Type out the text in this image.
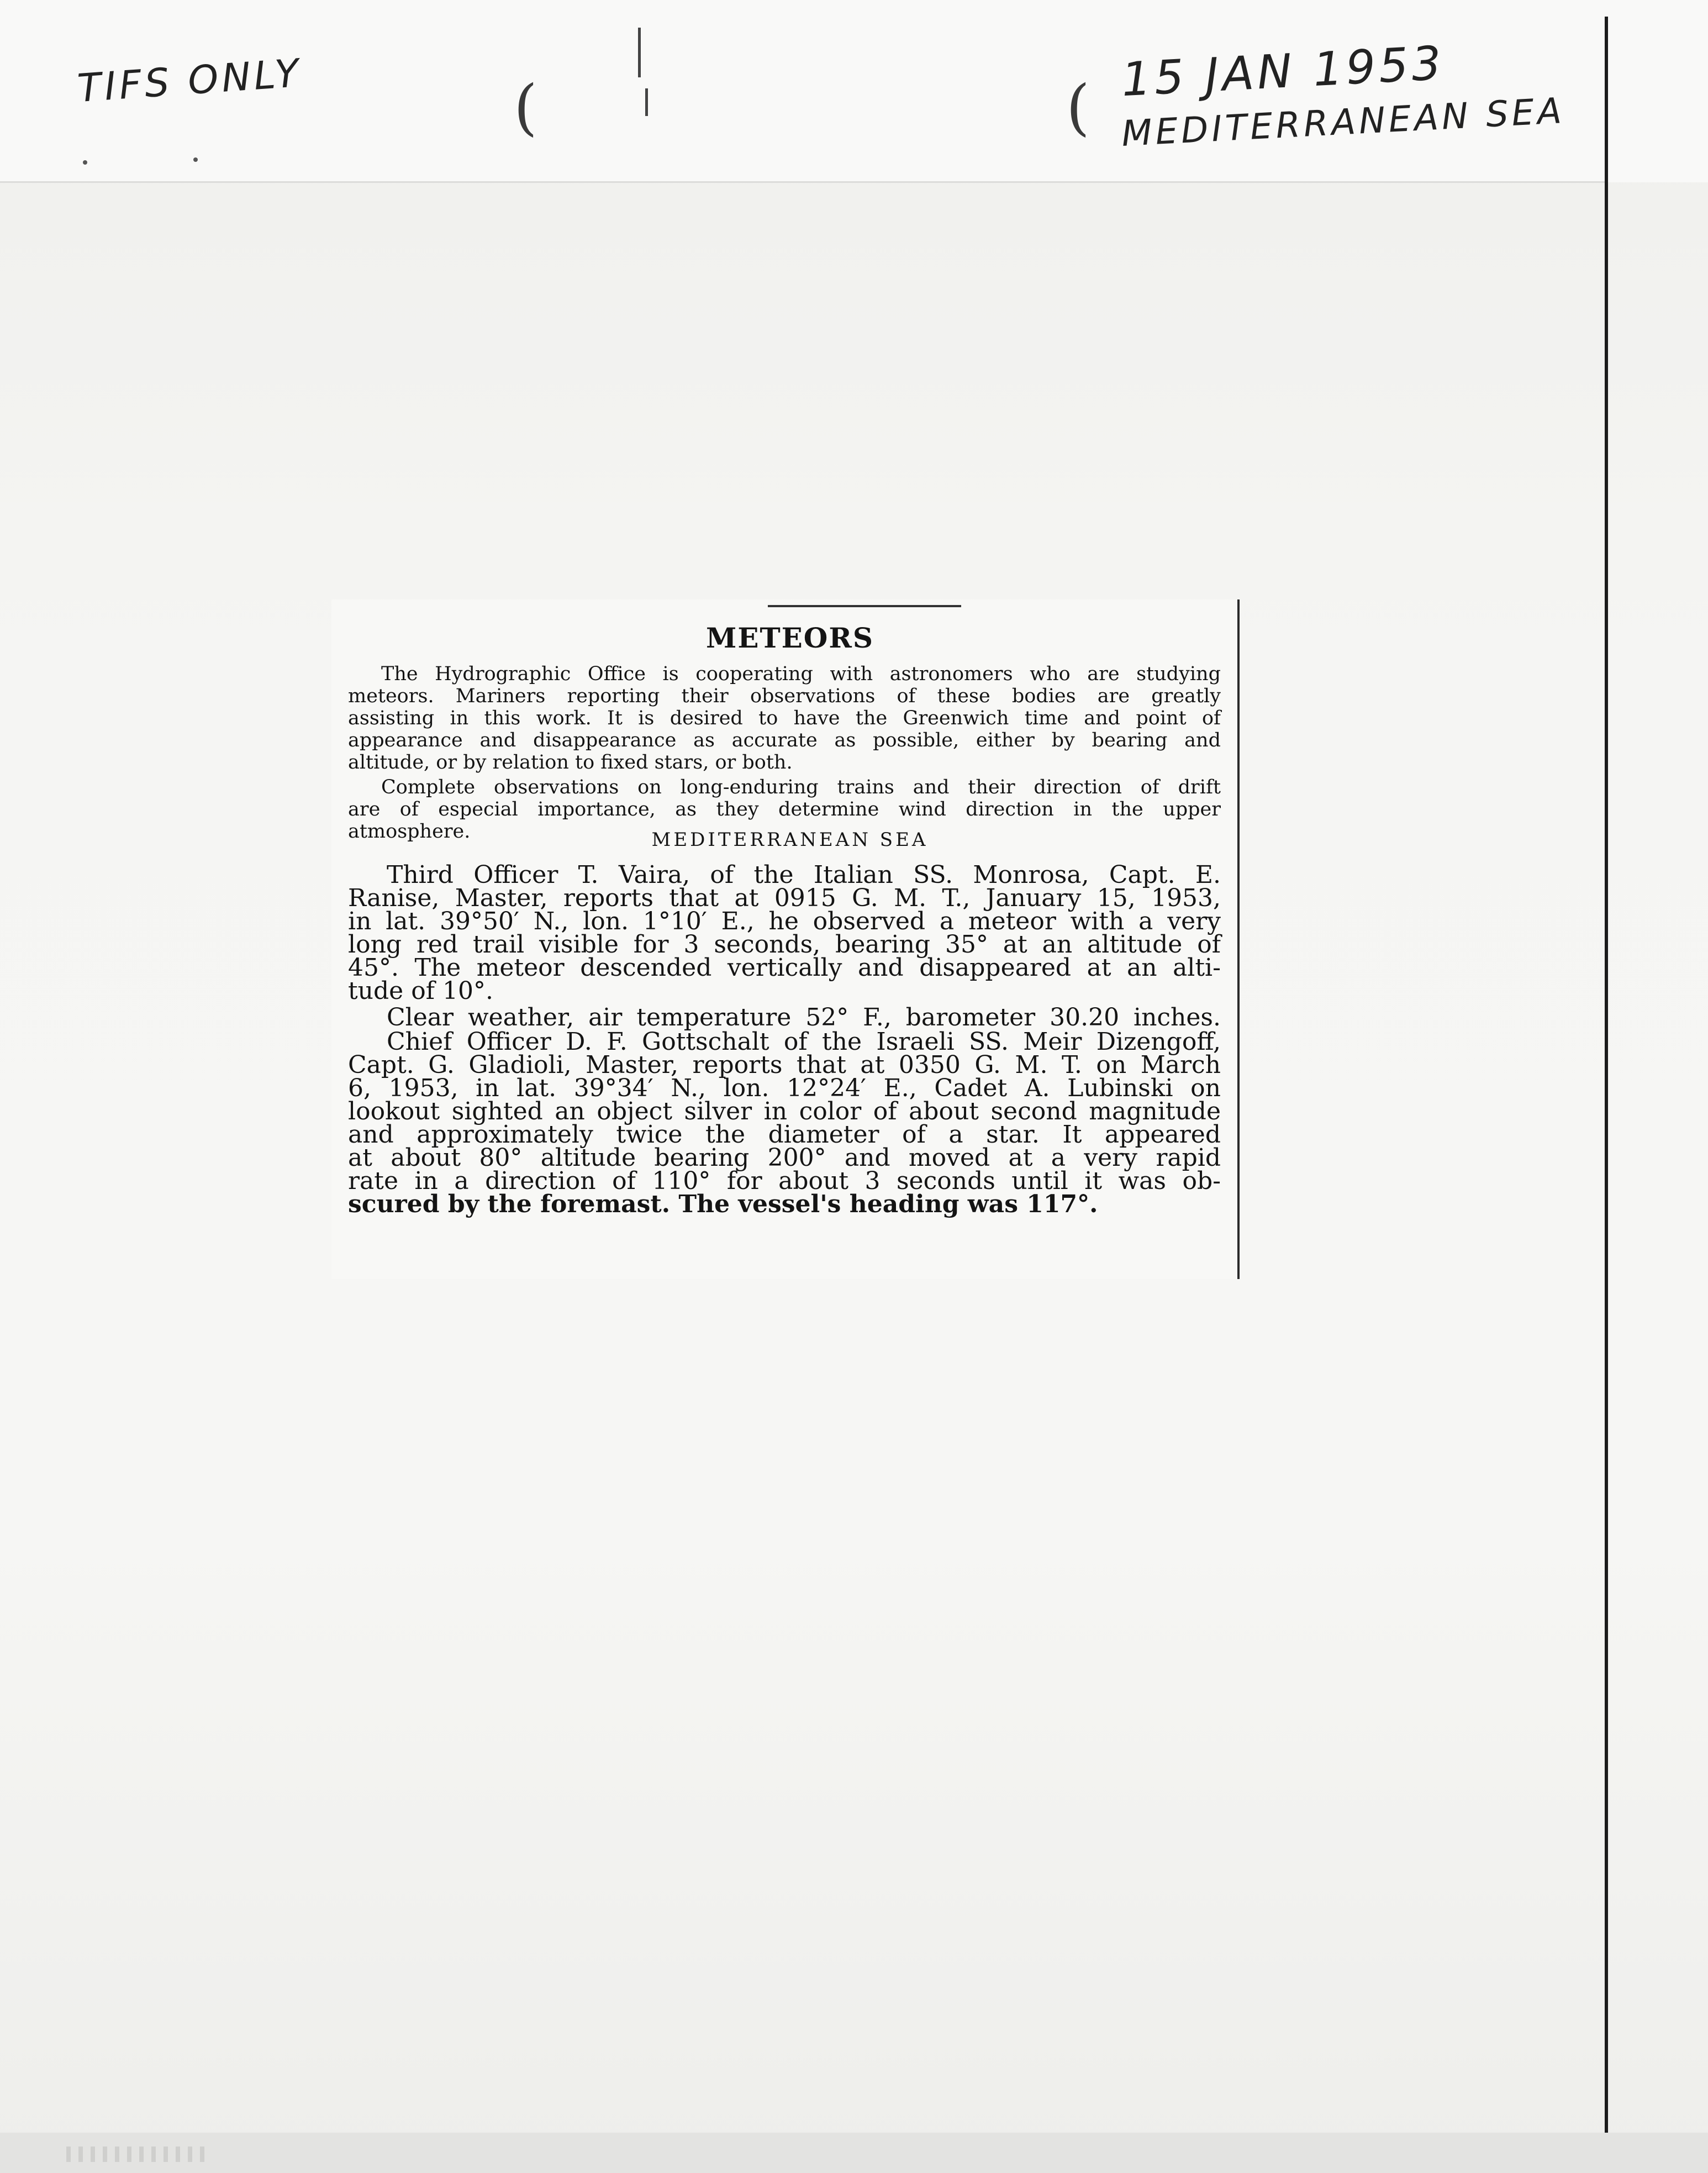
TIFS ONLY	15 JAN 1953
MEDITERRANEAN SEA
(	(
METEORS
The Hydrographic Office is cooperating with astronomers who are studying
meteors. Mariners reporting their observations of these bodies are greatly
assisting in this work. It is desired to have the Greenwich time and point of
appearance and disappearance as accurate as possible, either by bearing and
altitude, or by relation to fixed stars, or both.
Complete observations on long-enduring trains and their direction of drift
are of especial importance, as they determine wind direction in the upper
atmosphere.	MEDITERRANEAN SEA
Third Officer T. Vaira, of the Italian SS. Monrosa, Capt. E.
Ranise, Master, reports that at 0915 G. M. T., January 15, 1953,
in lat. 39°50′ N., lon. 1°10′ E., he observed a meteor with a very
long red trail visible for 3 seconds, bearing 35° at an altitude of
45°. The meteor descended vertically and disappeared at an alti-
tude of 10°.
Clear weather, air temperature 52° F., barometer 30.20 inches.
Chief Officer D. F. Gottschalt of the Israeli SS. Meir Dizengoff,
Capt. G. Gladioli, Master, reports that at 0350 G. M. T. on March
6, 1953, in lat. 39°34′ N., lon. 12°24′ E., Cadet A. Lubinski on
lookout sighted an object silver in color of about second magnitude
and approximately twice the diameter of a star. It appeared
at about 80° altitude bearing 200° and moved at a very rapid
rate in a direction of 110° for about 3 seconds until it was ob-
scured by the foremast. The vessel's heading was 117°.
